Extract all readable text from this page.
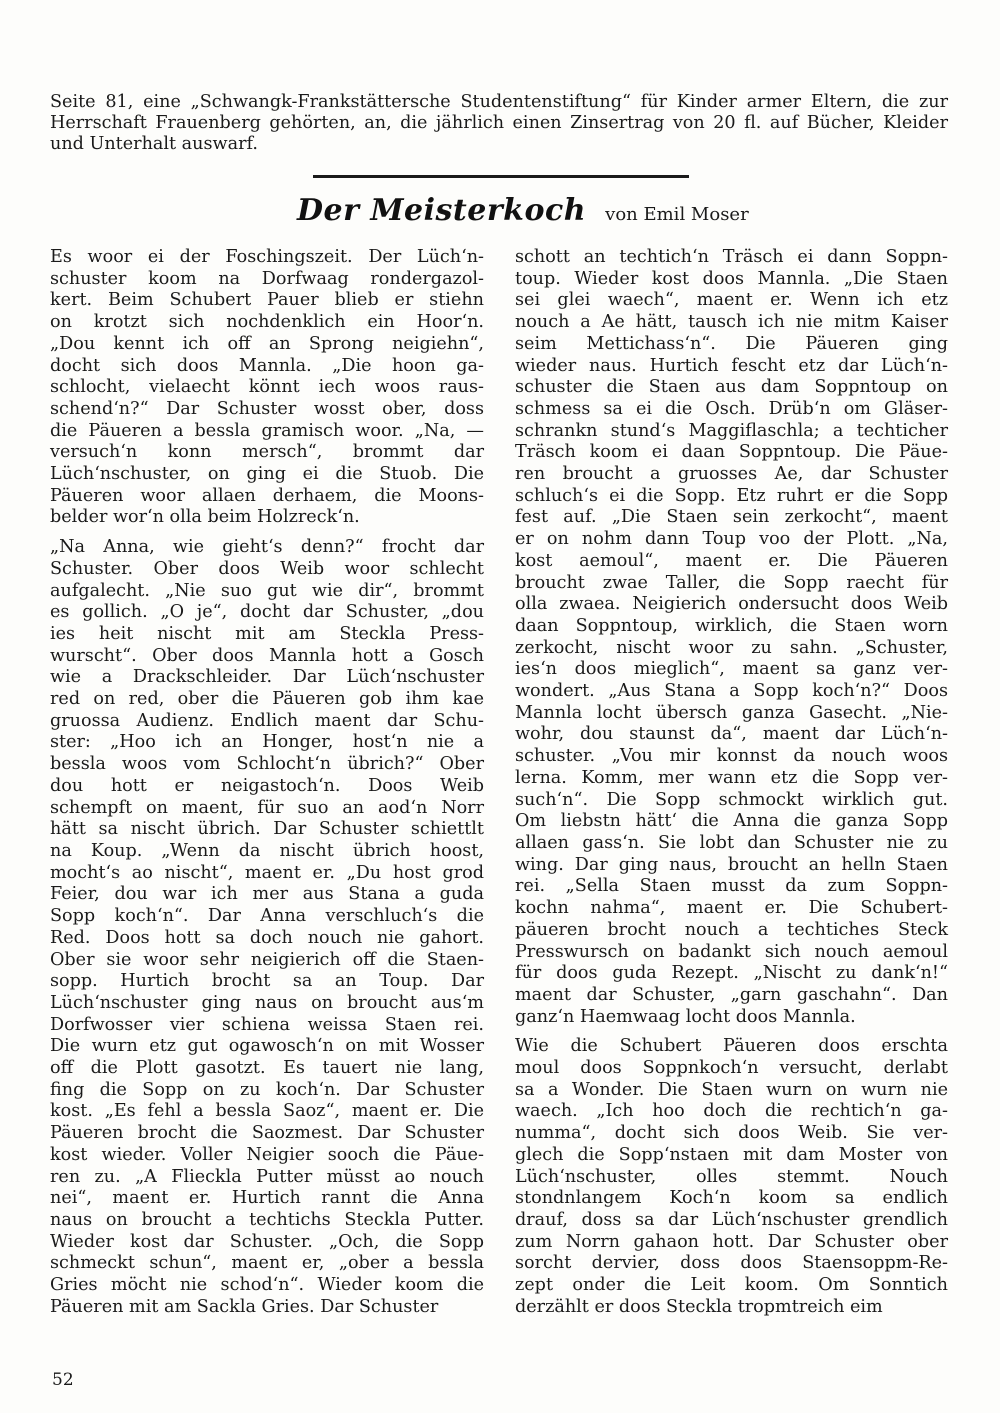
Seite 81, eine „Schwangk-Frankstättersche Studentenstiftung“ für Kinder armer Eltern, die zur Herrschaft Frauenberg gehörten, an, die jährlich einen Zinsertrag von 20 fl. auf Bücher, Kleider und Unterhalt auswarf.

Der Meisterkoch von Emil Moser

Es woor ei der Foschingszeit. Der Lüch‘n-
schuster koom na Dorfwaag rondergazol-
kert. Beim Schubert Pauer blieb er stiehn
on krotzt sich nochdenklich ein Hoor‘n.
„Dou kennt ich off an Sprong neigiehn“,
docht sich doos Mannla. „Die hoon ga-
schlocht, vielaecht könnt iech woos raus-
schend‘n?“ Dar Schuster wosst ober, doss
die Päueren a bessla gramisch woor. „Na, —
versuch‘n konn mersch“, brommt dar
Lüch‘nschuster, on ging ei die Stuob. Die
Päueren woor allaen derhaem, die Moons-
belder wor‘n olla beim Holzreck‘n.

„Na Anna, wie gieht‘s denn?“ frocht dar
Schuster. Ober doos Weib woor schlecht
aufgalecht. „Nie suo gut wie dir“, brommt
es gollich. „O je“, docht dar Schuster, „dou
ies heit nischt mit am Steckla Press-
wurscht“. Ober doos Mannla hott a Gosch
wie a Drackschleider. Dar Lüch‘nschuster
red on red, ober die Päueren gob ihm kae
gruossa Audienz. Endlich maent dar Schu-
ster: „Hoo ich an Honger, host‘n nie a
bessla woos vom Schlocht‘n übrich?“ Ober
dou hott er neigastoch‘n. Doos Weib
schempft on maent, für suo an aod‘n Norr
hätt sa nischt übrich. Dar Schuster schiettlt
na Koup. „Wenn da nischt übrich hoost,
mocht‘s ao nischt“, maent er. „Du host grod
Feier, dou war ich mer aus Stana a guda
Sopp koch‘n“. Dar Anna verschluch‘s die
Red. Doos hott sa doch nouch nie gahort.
Ober sie woor sehr neigierich off die Staen-
sopp. Hurtich brocht sa an Toup. Dar
Lüch‘nschuster ging naus on broucht aus‘m
Dorfwosser vier schiena weissa Staen rei.
Die wurn etz gut ogawosch‘n on mit Wosser
off die Plott gasotzt. Es tauert nie lang,
fing die Sopp on zu koch‘n. Dar Schuster
kost. „Es fehl a bessla Saoz“, maent er. Die
Päueren brocht die Saozmest. Dar Schuster
kost wieder. Voller Neigier sooch die Päue-
ren zu. „A Flieckla Putter müsst ao nouch
nei“, maent er. Hurtich rannt die Anna
naus on broucht a techtichs Steckla Putter.
Wieder kost dar Schuster. „Och, die Sopp
schmeckt schun“, maent er, „ober a bessla
Gries möcht nie schod‘n“. Wieder koom die
Päueren mit am Sackla Gries. Dar Schuster

schott an techtich‘n Träsch ei dann Soppn-
toup. Wieder kost doos Mannla. „Die Staen
sei glei waech“, maent er. Wenn ich etz
nouch a Ae hätt, tausch ich nie mitm Kaiser
seim Mettichass‘n“. Die Päueren ging
wieder naus. Hurtich fescht etz dar Lüch‘n-
schuster die Staen aus dam Soppntoup on
schmess sa ei die Osch. Drüb‘n om Gläser-
schrankn stund‘s Maggiflaschla; a techticher
Träsch koom ei daan Soppntoup. Die Päue-
ren broucht a gruosses Ae, dar Schuster
schluch‘s ei die Sopp. Etz ruhrt er die Sopp
fest auf. „Die Staen sein zerkocht“, maent
er on nohm dann Toup voo der Plott. „Na,
kost aemoul“, maent er. Die Päueren
broucht zwae Taller, die Sopp raecht für
olla zwaea. Neigierich ondersucht doos Weib
daan Soppntoup, wirklich, die Staen worn
zerkocht, nischt woor zu sahn. „Schuster,
ies‘n doos mieglich“, maent sa ganz ver-
wondert. „Aus Stana a Sopp koch‘n?“ Doos
Mannla locht übersch ganza Gasecht. „Nie-
wohr, dou staunst da“, maent dar Lüch‘n-
schuster. „Vou mir konnst da nouch woos
lerna. Komm, mer wann etz die Sopp ver-
such‘n“. Die Sopp schmockt wirklich gut.
Om liebstn hätt‘ die Anna die ganza Sopp
allaen gass‘n. Sie lobt dan Schuster nie zu
wing. Dar ging naus, broucht an helln Staen
rei. „Sella Staen musst da zum Soppn-
kochn nahma“, maent er. Die Schubert-
päueren brocht nouch a techtiches Steck
Presswursch on badankt sich nouch aemoul
für doos guda Rezept. „Nischt zu dank‘n!“
maent dar Schuster, „garn gaschahn“. Dan
ganz‘n Haemwaag locht doos Mannla.

Wie die Schubert Päueren doos erschta
moul doos Soppnkoch‘n versucht, derlabt
sa a Wonder. Die Staen wurn on wurn nie
waech. „Ich hoo doch die rechtich‘n ga-
numma“, docht sich doos Weib. Sie ver-
glech die Sopp‘nstaen mit dam Moster von
Lüch‘nschuster, olles stemmt. Nouch
stondnlangem Koch‘n koom sa endlich
drauf, doss sa dar Lüch‘nschuster grendlich
zum Norrn gahaon hott. Dar Schuster ober
sorcht dervier, doss doos Staensoppm-Re-
zept onder die Leit koom. Om Sonntich
derzählt er doos Steckla tropmtreich eim

52
